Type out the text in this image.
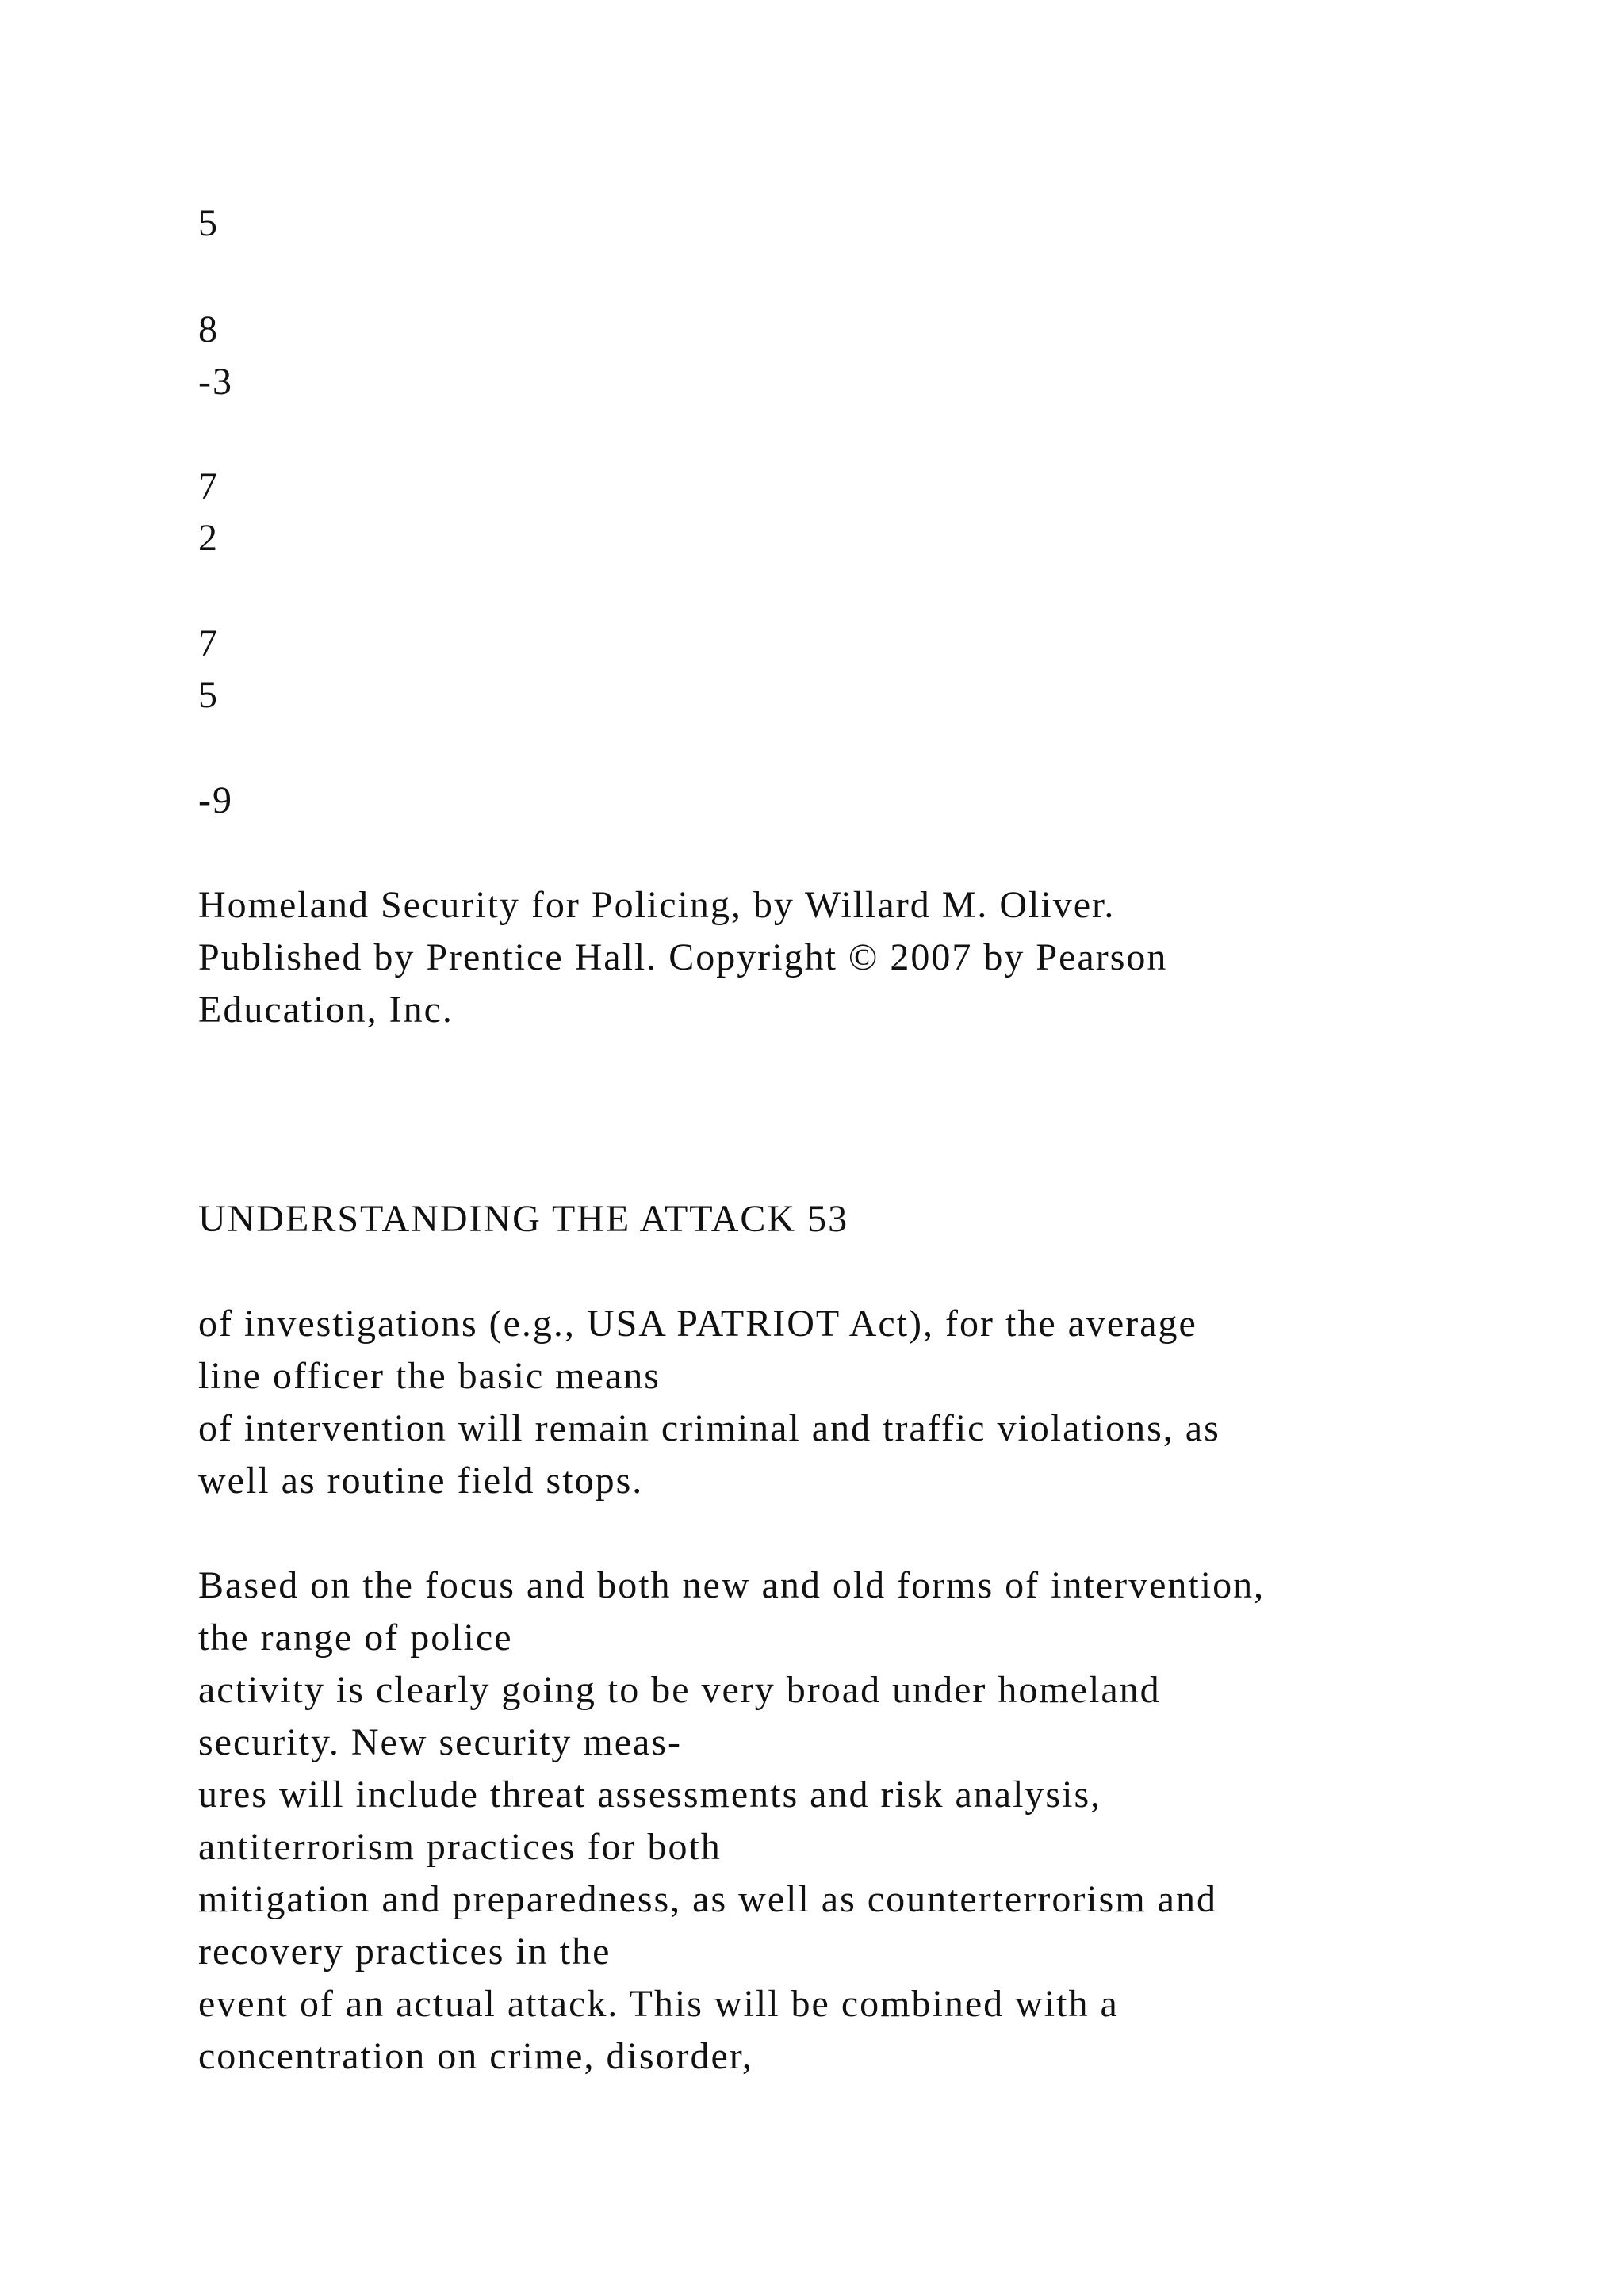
5
8
-3
7
2
7
5
-9
Homeland Security for Policing, by Willard M. Oliver.
Published by Prentice Hall. Copyright © 2007 by Pearson
Education, Inc.
UNDERSTANDING THE ATTACK 53
of investigations (e.g., USA PATRIOT Act), for the average
line officer the basic means
of intervention will remain criminal and traffic violations, as
well as routine field stops.
Based on the focus and both new and old forms of intervention,
the range of police
activity is clearly going to be very broad under homeland
security. New security meas-
ures will include threat assessments and risk analysis,
antiterrorism practices for both
mitigation and preparedness, as well as counterterrorism and
recovery practices in the
event of an actual attack. This will be combined with a
concentration on crime, disorder,
